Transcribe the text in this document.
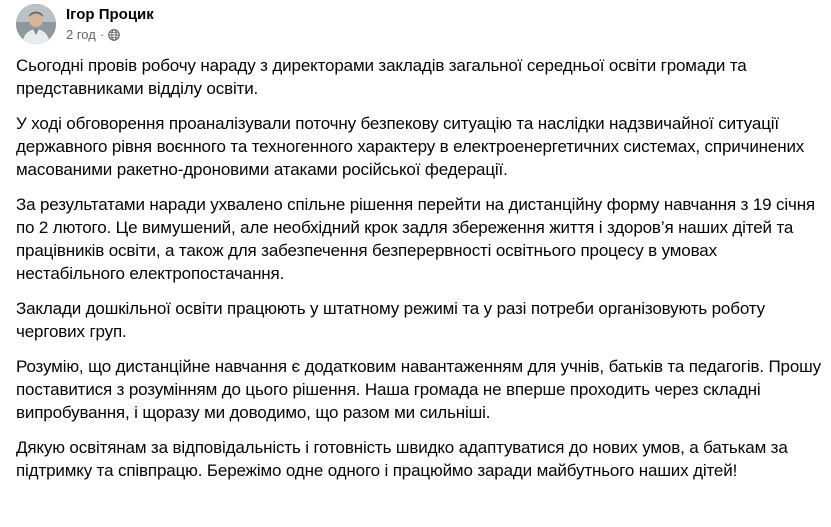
Ігор Процик
2 год ·

Сьогодні провів робочу нараду з директорами закладів загальної середньої освіти громади та представниками відділу освіти.

У ході обговорення проаналізували поточну безпекову ситуацію та наслідки надзвичайної ситуації державного рівня воєнного та техногенного характеру в електроенергетичних системах, спричинених масованими ракетно-дроновими атаками російської федерації.

За результатами наради ухвалено спільне рішення перейти на дистанційну форму навчання з 19 січня по 2 лютого. Це вимушений, але необхідний крок задля збереження життя і здоров’я наших дітей та працівників освіти, а також для забезпечення безперервності освітнього процесу в умовах нестабільного електропостачання.

Заклади дошкільної освіти працюють у штатному режимі та у разі потреби організовують роботу чергових груп.

Розумію, що дистанційне навчання є додатковим навантаженням для учнів, батьків та педагогів. Прошу поставитися з розумінням до цього рішення. Наша громада не вперше проходить через складні випробування, і щоразу ми доводимо, що разом ми сильніші.

Дякую освітянам за відповідальність і готовність швидко адаптуватися до нових умов, а батькам за підтримку та співпрацю. Бережімо одне одного і працюймо заради майбутнього наших дітей!
